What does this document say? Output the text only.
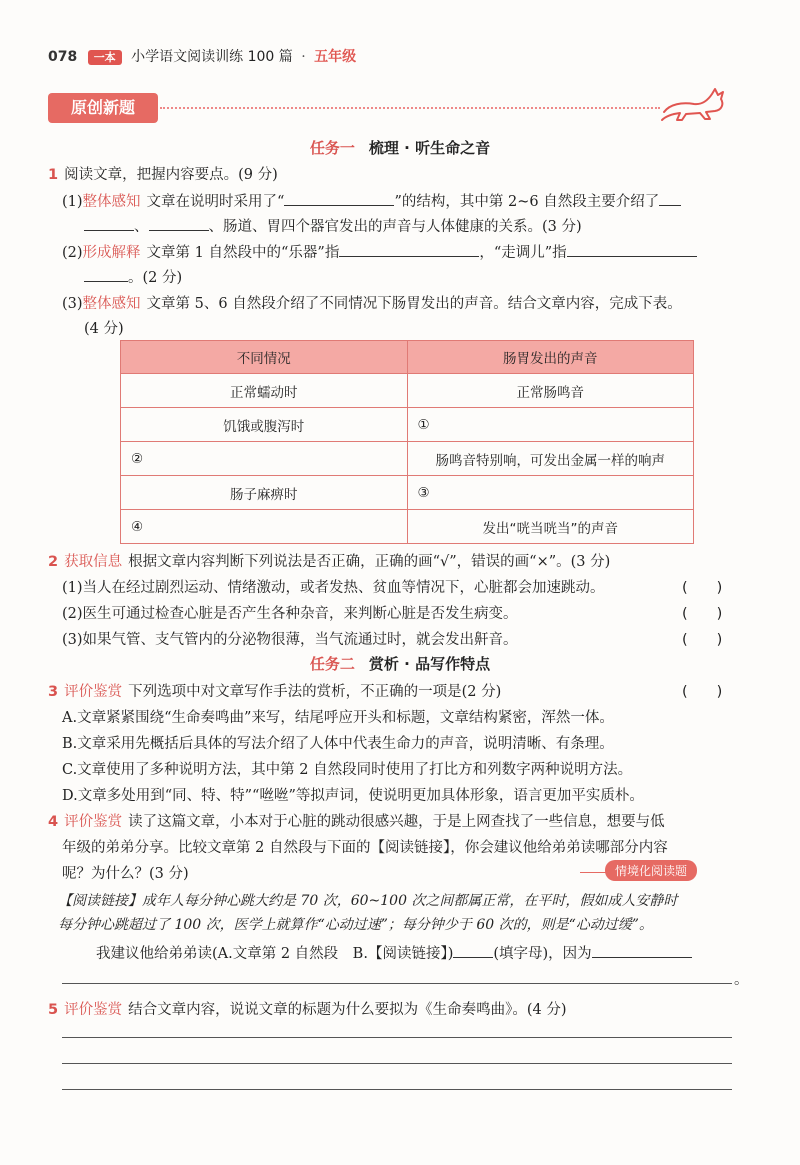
078 一本 小学语文阅读训练 100 篇 · 五年级
原创新题
任务一 梳理 · 听生命之音
1 阅读文章，把握内容要点。(9 分)
(1)整体感知 文章在说明时采用了“	”的结构，其中第 2~6 自然段主要介绍了
、	、肠道、胃四个器官发出的声音与人体健康的关系。(3 分)
(2)形成解释 文章第 1 自然段中的“乐器”指	，“走调儿”指
。(2 分)
(3)整体感知 文章第 5、6 自然段介绍了不同情况下肠胃发出的声音。结合文章内容，完成下表。
(4 分)
不同情况	肠胃发出的声音
正常蠕动时	正常肠鸣音
饥饿或腹泻时	①
②	肠鸣音特别响，可发出金属一样的响声
肠子麻痹时	③
④	发出“咣当咣当”的声音
2 获取信息 根据文章内容判断下列说法是否正确，正确的画“√”，错误的画“×”。(3 分)
(1)当人在经过剧烈运动、情绪激动，或者发热、贫血等情况下，心脏都会加速跳动。	(　　)
(2)医生可通过检查心脏是否产生各种杂音，来判断心脏是否发生病变。	(　　)
(3)如果气管、支气管内的分泌物很薄，当气流通过时，就会发出鼾音。	(　　)
任务二 赏析 · 品写作特点
3 评价鉴赏 下列选项中对文章写作手法的赏析，不正确的一项是(2 分)	(　　)
A.文章紧紧围绕“生命奏鸣曲”来写，结尾呼应开头和标题，文章结构紧密，浑然一体。
B.文章采用先概括后具体的写法介绍了人体中代表生命力的声音，说明清晰、有条理。
C.文章使用了多种说明方法，其中第 2 自然段同时使用了打比方和列数字两种说明方法。
D.文章多处用到“同、特、特”“咝咝”等拟声词，使说明更加具体形象，语言更加平实质朴。
4 评价鉴赏 读了这篇文章，小本对于心脏的跳动很感兴趣，于是上网查找了一些信息，想要与低
年级的弟弟分享。比较文章第 2 自然段与下面的【阅读链接】，你会建议他给弟弟读哪部分内容
呢？为什么？(3 分)	情境化阅读题
【阅读链接】成年人每分钟心跳大约是 70 次，60~100 次之间都属正常，在平时，假如成人安静时
每分钟心跳超过了 100 次，医学上就算作“心动过速”；每分钟少于 60 次的，则是“心动过缓”。
我建议他给弟弟读(A.文章第 2 自然段　B.【阅读链接】)	(填字母)，因为
。
5 评价鉴赏 结合文章内容，说说文章的标题为什么要拟为《生命奏鸣曲》。(4 分)
